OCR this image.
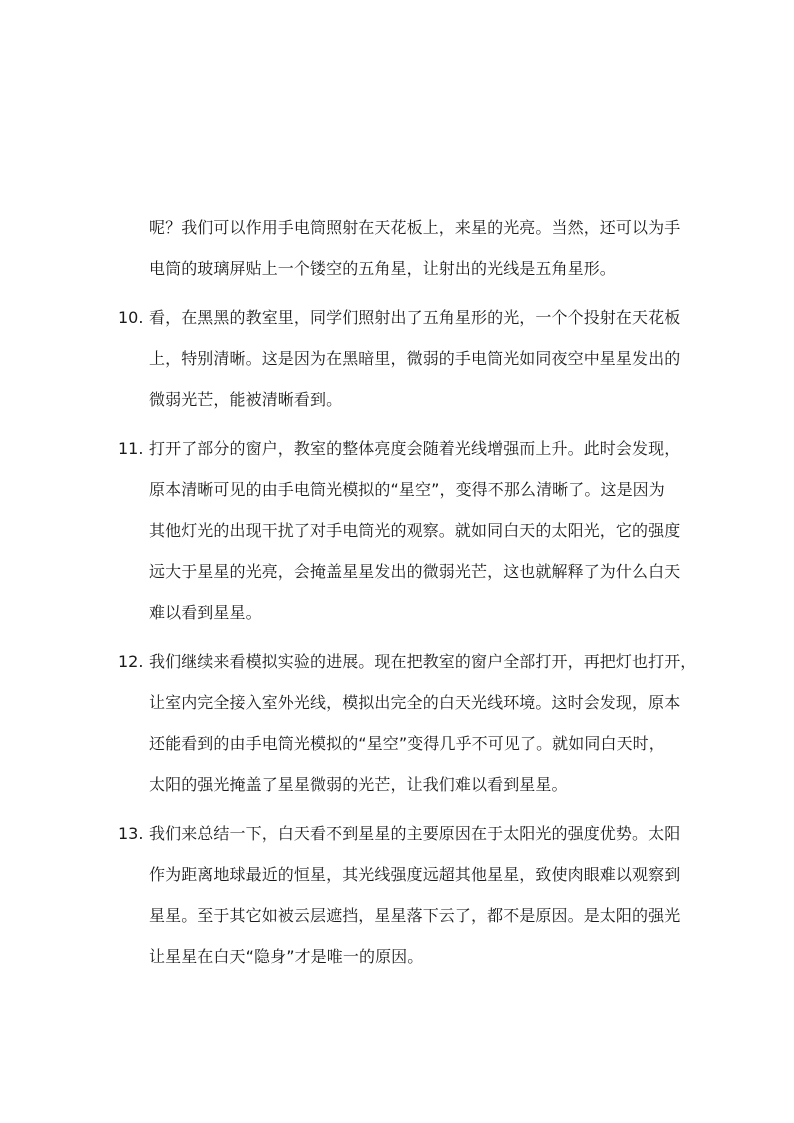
呢？我们可以作用手电筒照射在天花板上，来星的光亮。当然，还可以为手
电筒的玻璃屏贴上一个镂空的五角星，让射出的光线是五角星形。
10. 看，在黑黑的教室里，同学们照射出了五角星形的光，一个个投射在天花板
上，特别清晰。这是因为在黑暗里，微弱的手电筒光如同夜空中星星发出的
微弱光芒，能被清晰看到。
11. 打开了部分的窗户，教室的整体亮度会随着光线增强而上升。此时会发现，
原本清晰可见的由手电筒光模拟的“星空”，变得不那么清晰了。这是因为
其他灯光的出现干扰了对手电筒光的观察。就如同白天的太阳光，它的强度
远大于星星的光亮，会掩盖星星发出的微弱光芒，这也就解释了为什么白天
难以看到星星。
12. 我们继续来看模拟实验的进展。现在把教室的窗户全部打开，再把灯也打开，
让室内完全接入室外光线，模拟出完全的白天光线环境。这时会发现，原本
还能看到的由手电筒光模拟的“星空”变得几乎不可见了。就如同白天时，
太阳的强光掩盖了星星微弱的光芒，让我们难以看到星星。
13. 我们来总结一下，白天看不到星星的主要原因在于太阳光的强度优势。太阳
作为距离地球最近的恒星，其光线强度远超其他星星，致使肉眼难以观察到
星星。至于其它如被云层遮挡，星星落下云了，都不是原因。是太阳的强光
让星星在白天“隐身”才是唯一的原因。
